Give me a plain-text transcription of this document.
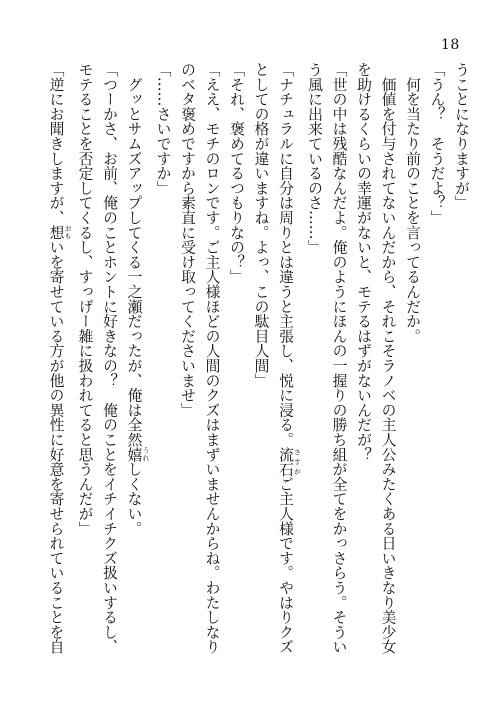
18

うことになりますが」

「うん？　そうだよ？」

　何を当たり前のことを言ってるんだか。

　価値を付与されてないんだから、それこそラノベの主人公みたくある日いきなり美少女

を助けるくらいの幸運がないと、モテるはずがないんだが？

「世の中は残酷なんだよ。俺のようにほんの一握りの勝ち組が全てをかっさらう。そうい

う風に出来ているのさ……」

「ナチュラルに自分は周りとは違うと主張し、悦に浸る。流石 さすがご主人様です。やはりクズ

としての格が違いますね。よっ、この駄目人間」

「それ、褒めてるつもりなの？」

「ええ、モチのロンです。ご主人様ほどの人間のクズはまずいませんからね。わたしなり

のベタ褒めですから素直に受け取ってくださいませ」

「……さいですか」

　グッとサムズアップしてくる一之瀬だったが、俺は全然嬉 うれしくない。

「つーかさ、お前、俺のことホントに好きなの？　俺のことをイチイチクズ扱いするし、

モテることを否定してくるし、すっげー雑に扱われてると思うんだが」

「逆にお聞きしますが、想 おもいを寄せている方が他の異性に好意を寄せられていることを自
